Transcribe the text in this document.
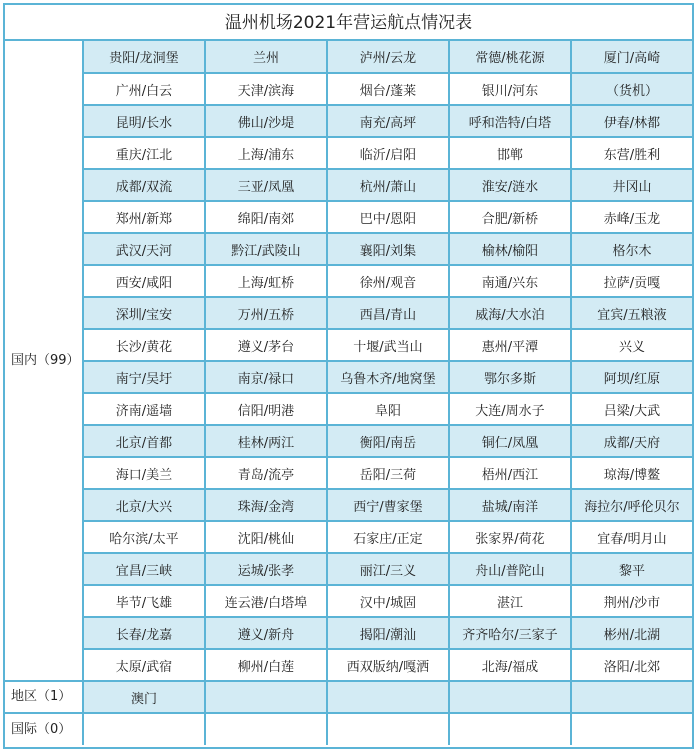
温州机场2021年营运航点情况表
国内（99）	贵阳/龙洞堡	兰州	泸州/云龙	常德/桃花源	厦门/高崎
	广州/白云	天津/滨海	烟台/蓬莱	银川/河东	（货机）
	昆明/长水	佛山/沙堤	南充/高坪	呼和浩特/白塔	伊春/林都
	重庆/江北	上海/浦东	临沂/启阳	邯郸	东营/胜利
	成都/双流	三亚/凤凰	杭州/萧山	淮安/涟水	井冈山
	郑州/新郑	绵阳/南郊	巴中/恩阳	合肥/新桥	赤峰/玉龙
	武汉/天河	黔江/武陵山	襄阳/刘集	榆林/榆阳	格尔木
	西安/咸阳	上海/虹桥	徐州/观音	南通/兴东	拉萨/贡嘎
	深圳/宝安	万州/五桥	西昌/青山	威海/大水泊	宜宾/五粮液
	长沙/黄花	遵义/茅台	十堰/武当山	惠州/平潭	兴义
	南宁/吴圩	南京/禄口	乌鲁木齐/地窝堡	鄂尔多斯	阿坝/红原
	济南/遥墙	信阳/明港	阜阳	大连/周水子	吕梁/大武
	北京/首都	桂林/两江	衡阳/南岳	铜仁/凤凰	成都/天府
	海口/美兰	青岛/流亭	岳阳/三荷	梧州/西江	琼海/博鳌
	北京/大兴	珠海/金湾	西宁/曹家堡	盐城/南洋	海拉尔/呼伦贝尔
	哈尔滨/太平	沈阳/桃仙	石家庄/正定	张家界/荷花	宜春/明月山
	宜昌/三峡	运城/张孝	丽江/三义	舟山/普陀山	黎平
	毕节/飞雄	连云港/白塔埠	汉中/城固	湛江	荆州/沙市
	长春/龙嘉	遵义/新舟	揭阳/潮汕	齐齐哈尔/三家子	彬州/北湖
	太原/武宿	柳州/白莲	西双版纳/嘎洒	北海/福成	洛阳/北郊
地区（1）	澳门				
国际（0）					
